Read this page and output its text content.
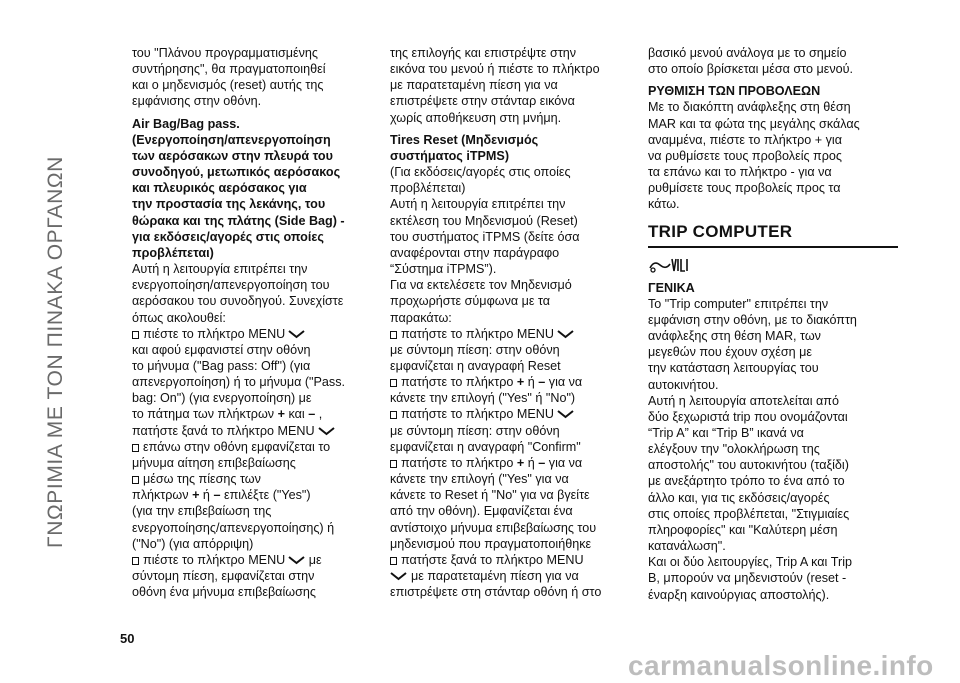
ΓΝΩΡΙΜΙΑ ΜΕ ΤΟΝ ΠΙΝΑΚΑ ΟΡΓΑΝΩΝ

του "Πλάνου προγραμματισμένης
συντήρησης", θα πραγματοποιηθεί
και ο μηδενισμός (reset) αυτής της
εμφάνισης στην οθόνη.

Air Bag/Bag pass.
(Ενεργοποίηση/απενεργοποίηση
των αερόσακων στην πλευρά του
συνοδηγού, μετωπικός αερόσακος
και πλευρικός αερόσακος για
την προστασία της λεκάνης, του
θώρακα και της πλάτης (Side Bag) -
για εκδόσεις/αγορές στις οποίες
προβλέπεται)

Αυτή η λειτουργία επιτρέπει την
ενεργοποίηση/απενεργοποίηση του
αερόσακου του συνοδηγού. Συνεχίστε
όπως ακολουθεί:

πιέστε το πλήκτρο MENU

και αφού εμφανιστεί στην οθόνη
το μήνυμα ("Bag pass: Off") (για
απενεργοποίηση) ή το μήνυμα ("Pass.
bag: On") (για ενεργοποίηση) με
το πάτημα των πλήκτρων + και – ,
πατήστε ξανά το πλήκτρο MENU

επάνω στην οθόνη εμφανίζεται το
μήνυμα αίτηση επιβεβαίωσης

μέσω της πίεσης των
πλήκτρων + ή – επιλέξτε ("Yes")

(για την επιβεβαίωση της
ενεργοποίησης/απενεργοποίησης) ή
("No") (για απόρριψη)

πιέστε το πλήκτρο MENU με

σύντομη πίεση, εμφανίζεται στην
οθόνη ένα μήνυμα επιβεβαίωσης

της επιλογής και επιστρέψτε στην
εικόνα του μενού ή πιέστε το πλήκτρο
με παρατεταμένη πίεση για να
επιστρέψετε στην στάνταρ εικόνα
χωρίς αποθήκευση στη μνήμη.

Tires Reset (Μηδενισμός
συστήματος iTPMS)

(Για εκδόσεις/αγορές στις οποίες
προβλέπεται)
Αυτή η λειτουργία επιτρέπει την
εκτέλεση του Μηδενισμού (Reset)
του συστήματος iTPMS (δείτε όσα
αναφέρονται στην παράγραφο
“Σύστημα iTPMS”).
Για να εκτελέσετε τον Μηδενισμό
προχωρήστε σύμφωνα με τα
παρακάτω:

πατήστε το πλήκτρο MENU

με σύντομη πίεση: στην οθόνη
εμφανίζεται η αναγραφή Reset

πατήστε το πλήκτρο + ή – για να

κάνετε την επιλογή ("Yes" ή "No")

πατήστε το πλήκτρο MENU

με σύντομη πίεση: στην οθόνη
εμφανίζεται η αναγραφή "Confirm"

πατήστε το πλήκτρο + ή – για να

κάνετε την επιλογή ("Yes" για να
κάνετε το Reset ή "No" για να βγείτε
από την οθόνη). Εμφανίζεται ένα
αντίστοιχο μήνυμα επιβεβαίωσης του
μηδενισμού που πραγματοποιήθηκε

πατήστε ξανά το πλήκτρο MENU

με παρατεταμένη πίεση για να
επιστρέψετε στη στάνταρ οθόνη ή στο

βασικό μενού ανάλογα με το σημείο
στο οποίο βρίσκεται μέσα στο μενού.

ΡΥΘΜΙΣΗ ΤΩΝ ΠΡΟΒΟΛΕΩΝ

Με το διακόπτη ανάφλεξης στη θέση
MAR και τα φώτα της μεγάλης σκάλας
αναμμένα, πιέστε το πλήκτρο + για
να ρυθμίσετε τους προβολείς προς
τα επάνω και το πλήκτρο - για να
ρυθμίσετε τους προβολείς προς τα
κάτω.

TRIP COMPUTER

ΓΕΝΙΚΑ

Το "Trip computer" επιτρέπει την
εμφάνιση στην οθόνη, με το διακόπτη
ανάφλεξης στη θέση MAR, των
μεγεθών που έχουν σχέση με
την κατάσταση λειτουργίας του
αυτοκινήτου.
Αυτή η λειτουργία αποτελείται από
δύο ξεχωριστά trip που ονομάζονται
“Trip A” και “Trip B” ικανά να
ελέγξουν την "ολοκλήρωση της
αποστολής" του αυτοκινήτου (ταξίδι)
με ανεξάρτητο τρόπο το ένα από το
άλλο και, για τις εκδόσεις/αγορές
στις οποίες προβλέπεται, "Στιγμιαίες
πληροφορίες" και "Καλύτερη μέση
κατανάλωση".
Και οι δύο λειτουργίες, Trip A και Trip
B, μπορούν να μηδενιστούν (reset -
έναρξη καινούργιας αποστολής).

50
carmanualsonline.info
